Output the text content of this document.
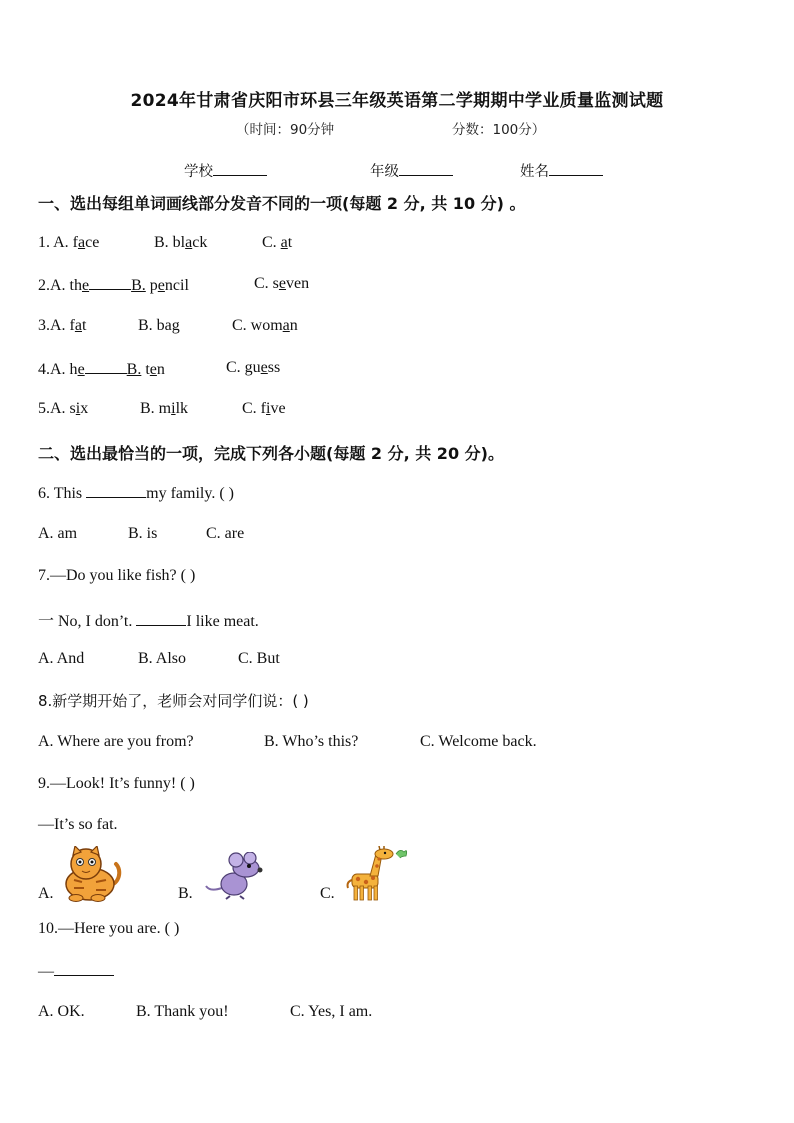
2024年甘肃省庆阳市环县三年级英语第二学期期中学业质量监测试题
（时间：90分钟	分数：100分）
学校	年级	姓名
一、选出每组单词画线部分发音不同的一项(每题 2 分, 共 10 分) 。
1. A. face	B. black	C. at
2.A. the	B. pencil	C. seven
3.A. fat	B. bag	C. woman
4.A. he	B. ten	C. guess
5.A. six	B. milk	C. five
二、选出最恰当的一项，完成下列各小题(每题 2 分, 共 20 分)。
6. This	my family. ( )
A. am	B. is	C. are
7.—Do you like fish? ( )
一 No, I don’t.	I like meat.
A. And	B. Also	C. But
8.新学期开始了，老师会对同学们说：( )
A. Where are you from?	B. Who’s this?	C. Welcome back.
9.—Look! It’s funny! ( )
—It’s so fat.
A.	B.	C.
10.—Here you are. ( )
—
A. OK.	B. Thank you!	C. Yes, I am.
